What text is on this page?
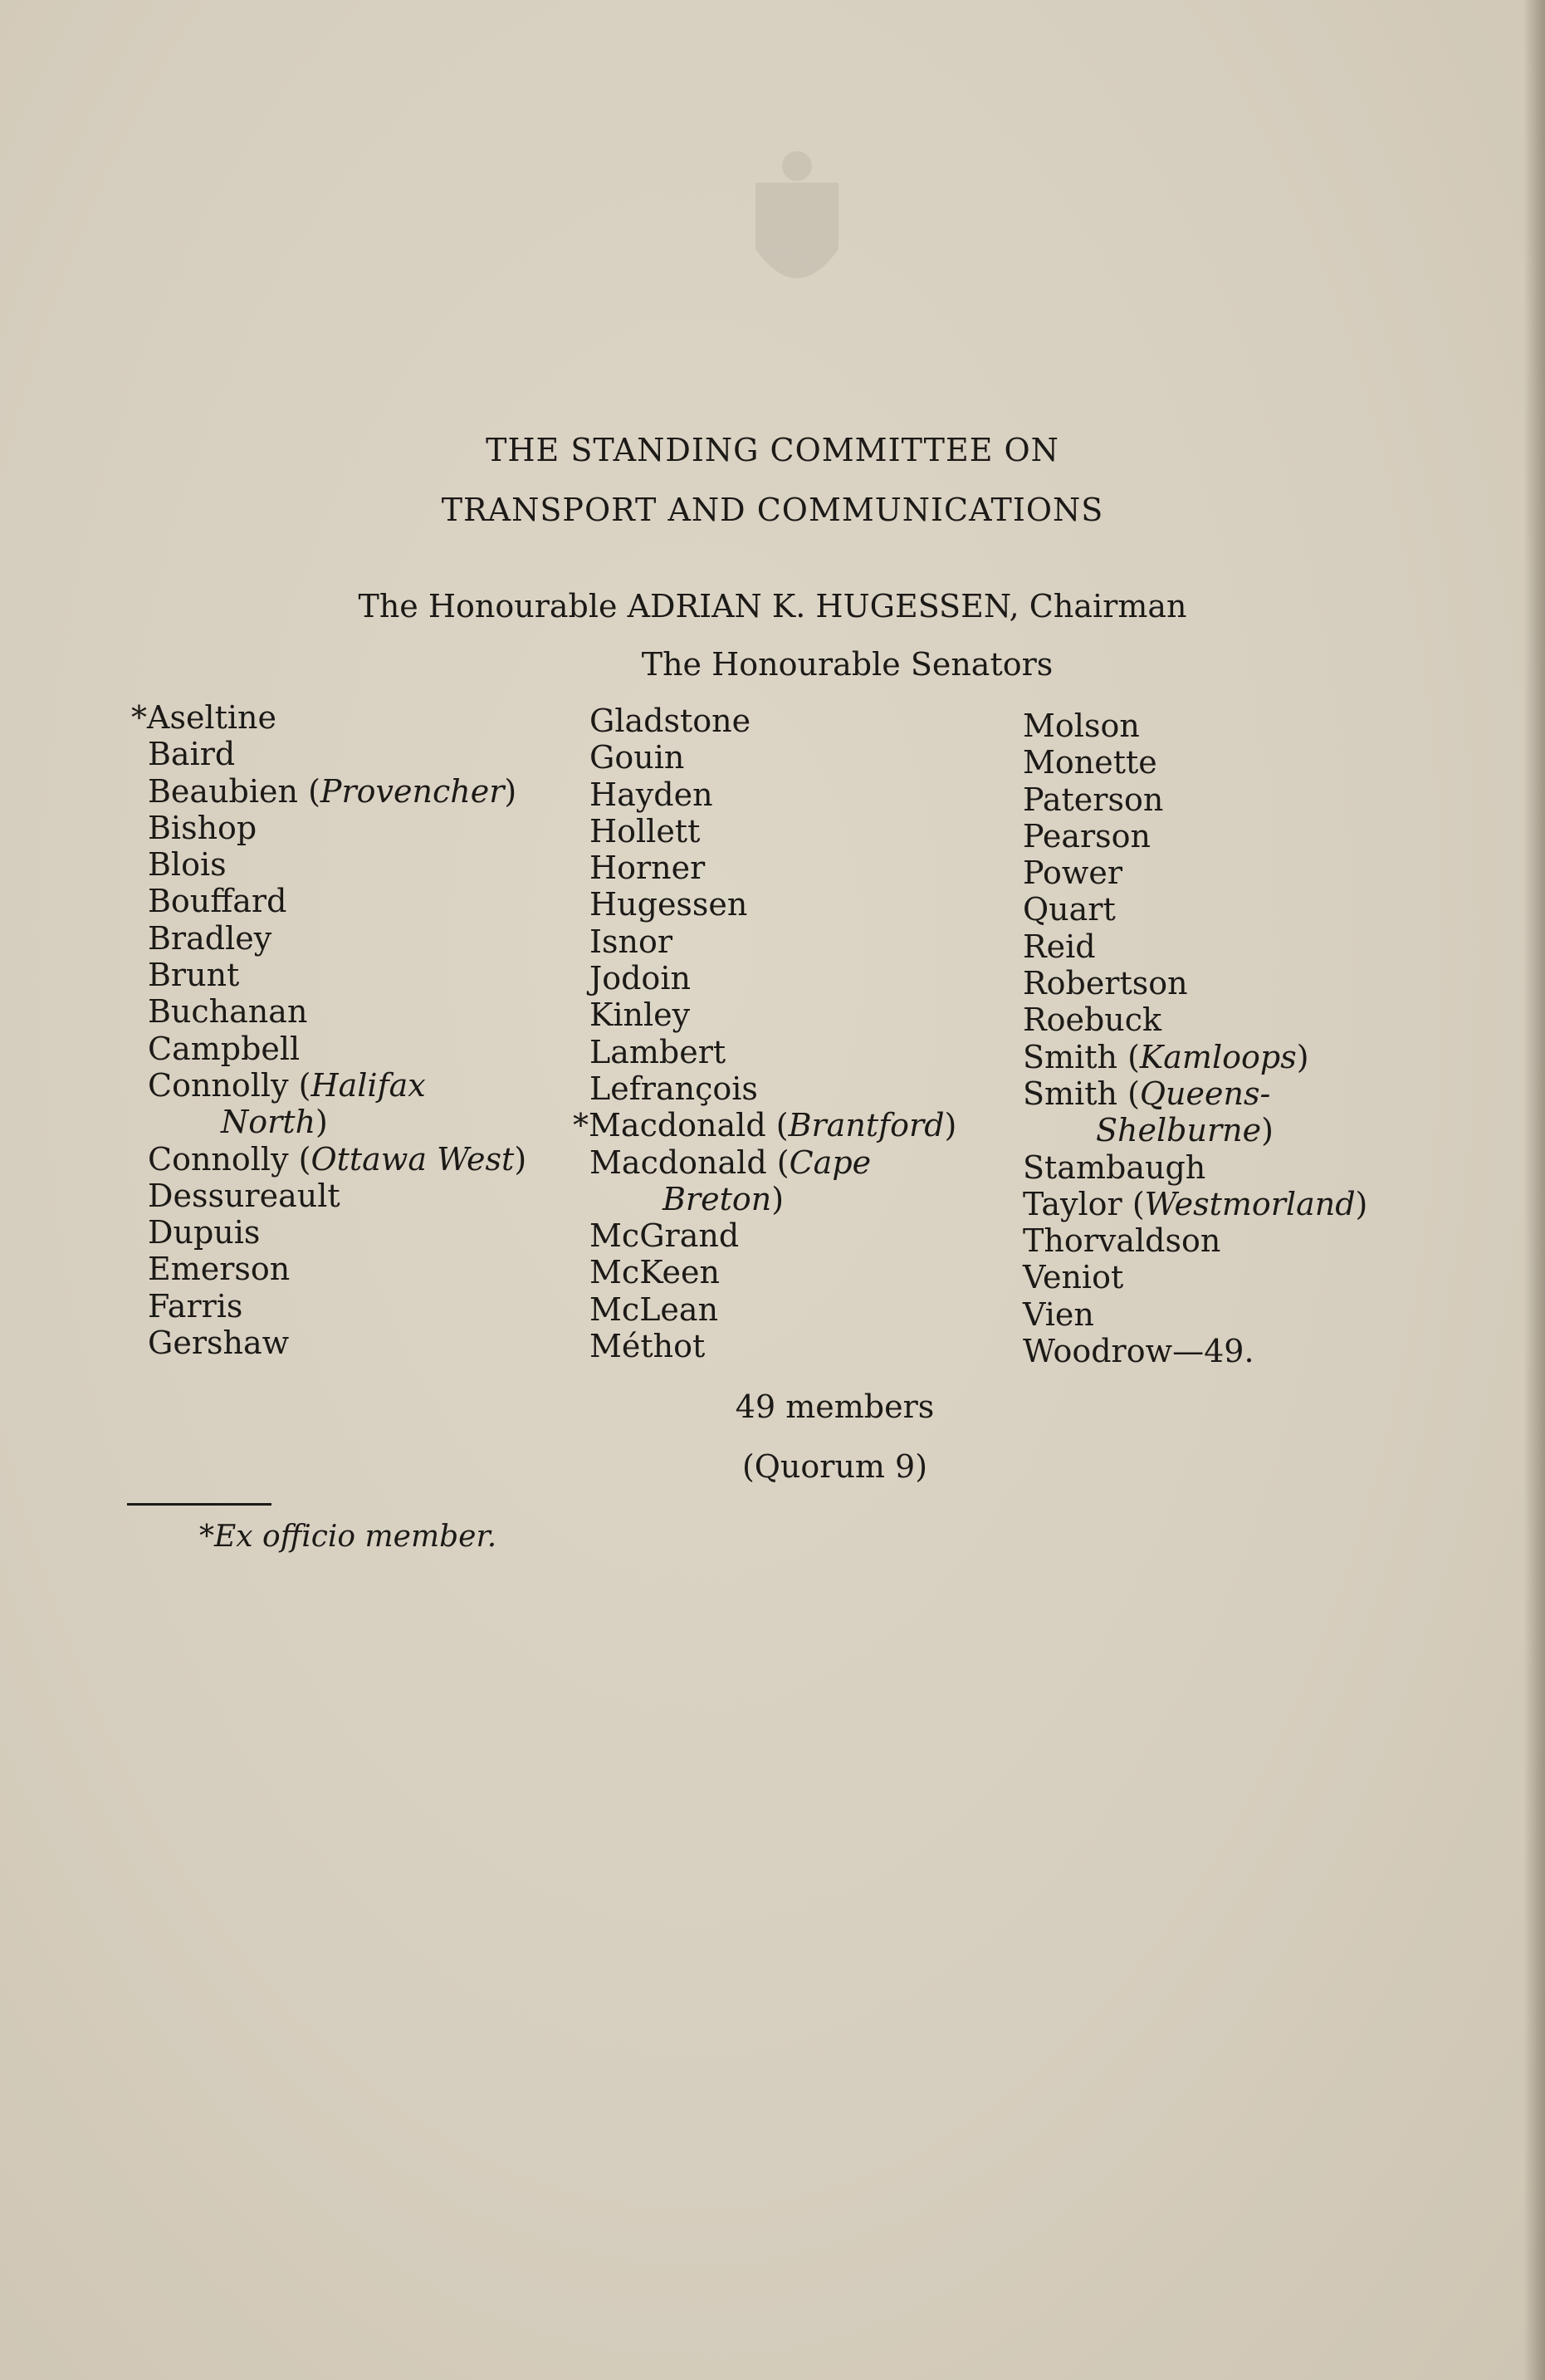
THE STANDING COMMITTEE ON
TRANSPORT AND COMMUNICATIONS
The Honourable ADRIAN K. HUGESSEN, Chairman
The Honourable Senators
*Aseltine
Baird
Beaubien (Provencher)
Bishop
Blois
Bouffard
Bradley
Brunt
Buchanan
Campbell
Connolly (Halifax
North)
Connolly (Ottawa West)
Dessureault
Dupuis
Emerson
Farris
Gershaw
Gladstone
Gouin
Hayden
Hollett
Horner
Hugessen
Isnor
Jodoin
Kinley
Lambert
Lefrançois
*Macdonald (Brantford)
Macdonald (Cape
Breton)
McGrand
McKeen
McLean
Méthot
Molson
Monette
Paterson
Pearson
Power
Quart
Reid
Robertson
Roebuck
Smith (Kamloops)
Smith (Queens-
Shelburne)
Stambaugh
Taylor (Westmorland)
Thorvaldson
Veniot
Vien
Woodrow—49.
49 members
(Quorum 9)
*Ex officio member.
